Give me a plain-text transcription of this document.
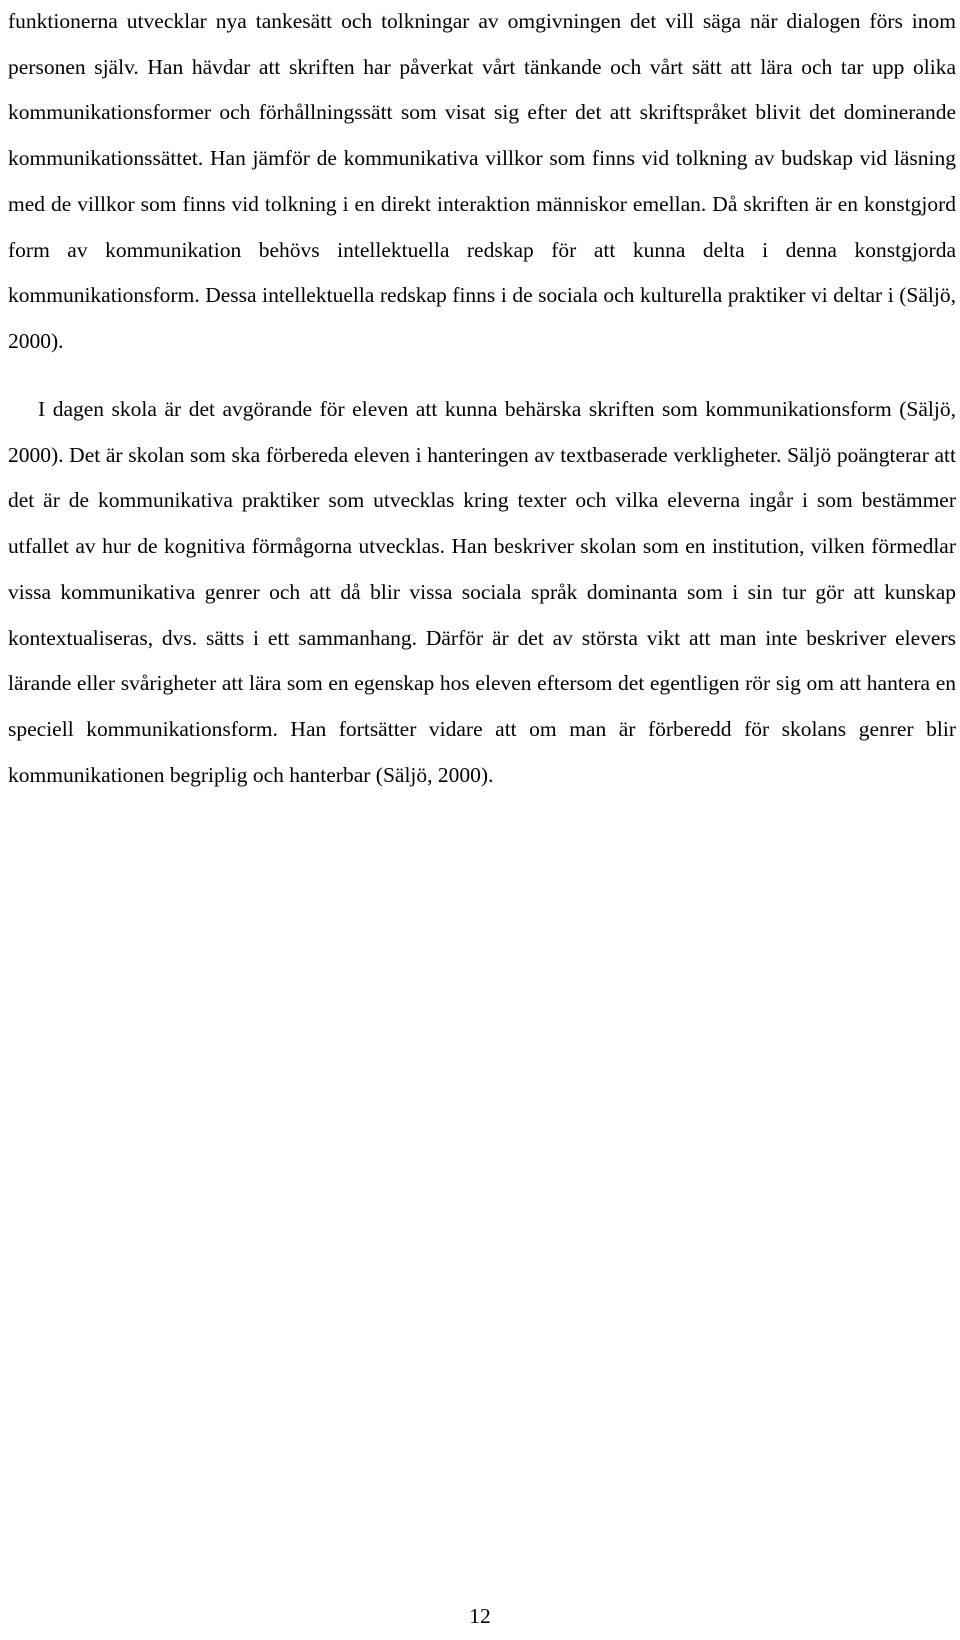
funktionerna utvecklar nya tankesätt och tolkningar av omgivningen det vill säga när dialogen förs inom personen själv. Han hävdar att skriften har påverkat vårt tänkande och vårt sätt att lära och tar upp olika kommunikationsformer och förhållningssätt som visat sig efter det att skriftspråket blivit det dominerande kommunikationssättet. Han jämför de kommunikativa villkor som finns vid tolkning av budskap vid läsning med de villkor som finns vid tolkning i en direkt interaktion människor emellan. Då skriften är en konstgjord form av kommunikation behövs intellektuella redskap för att kunna delta i denna konstgjorda kommunikationsform. Dessa intellektuella redskap finns i de sociala och kulturella praktiker vi deltar i (Säljö, 2000).

I dagen skola är det avgörande för eleven att kunna behärska skriften som kommunikationsform (Säljö, 2000). Det är skolan som ska förbereda eleven i hanteringen av textbaserade verkligheter. Säljö poängterar att det är de kommunikativa praktiker som utvecklas kring texter och vilka eleverna ingår i som bestämmer utfallet av hur de kognitiva förmågorna utvecklas. Han beskriver skolan som en institution, vilken förmedlar vissa kommunikativa genrer och att då blir vissa sociala språk dominanta som i sin tur gör att kunskap kontextualiseras, dvs. sätts i ett sammanhang. Därför är det av största vikt att man inte beskriver elevers lärande eller svårigheter att lära som en egenskap hos eleven eftersom det egentligen rör sig om att hantera en speciell kommunikationsform. Han fortsätter vidare att om man är förberedd för skolans genrer blir kommunikationen begriplig och hanterbar (Säljö, 2000).

12
